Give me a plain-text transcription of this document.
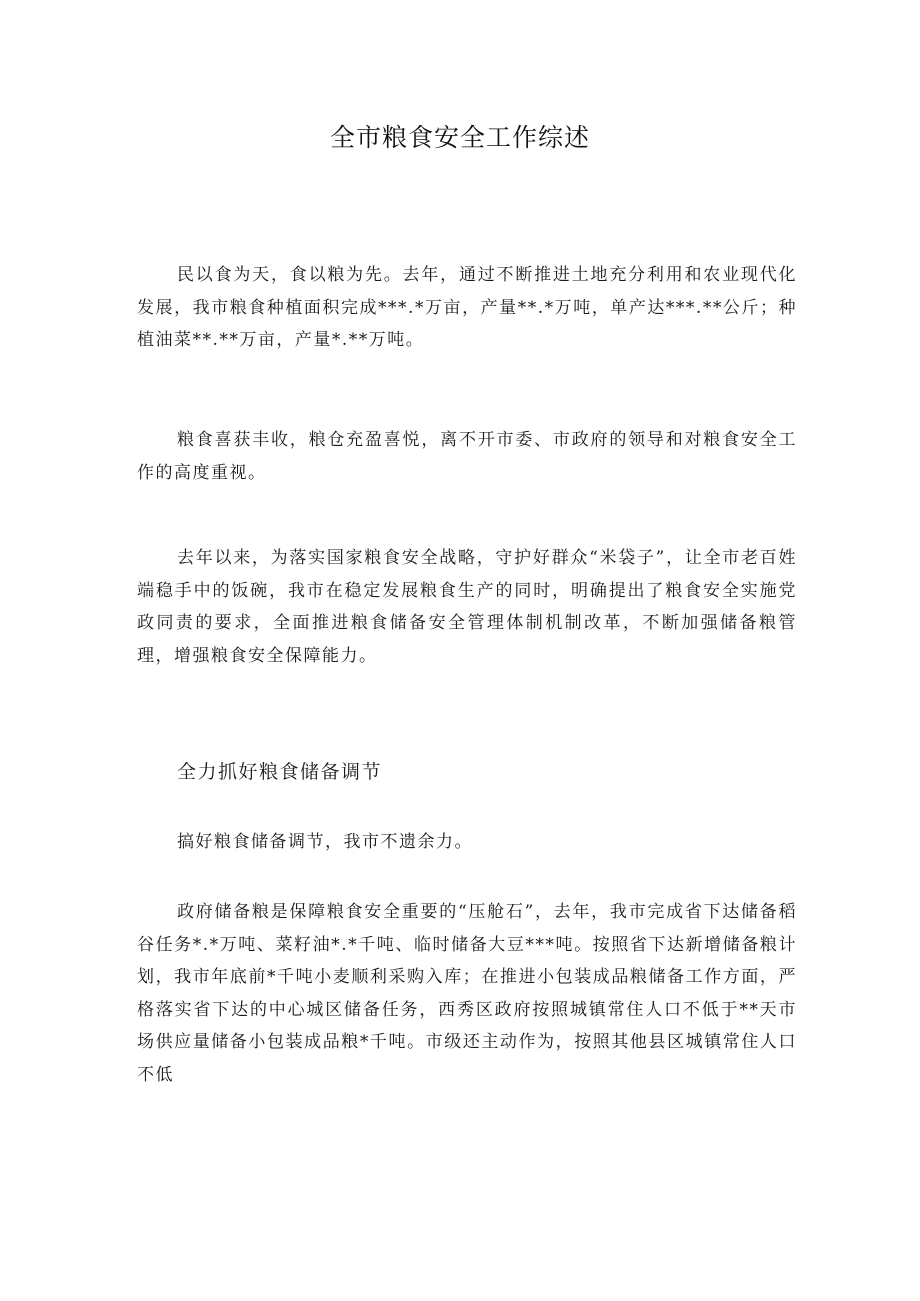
全市粮食安全工作综述

民以食为天，食以粮为先。去年，通过不断推进土地充分利用和农业现代化发展，我市粮食种植面积完成***.*万亩，产量**.*万吨，单产达***.**公斤；种植油菜**.**万亩，产量*.**万吨。

粮食喜获丰收，粮仓充盈喜悦，离不开市委、市政府的领导和对粮食安全工作的高度重视。

去年以来，为落实国家粮食安全战略，守护好群众“米袋子”，让全市老百姓端稳手中的饭碗，我市在稳定发展粮食生产的同时，明确提出了粮食安全实施党政同责的要求，全面推进粮食储备安全管理体制机制改革，不断加强储备粮管理，增强粮食安全保障能力。

全力抓好粮食储备调节

搞好粮食储备调节，我市不遗余力。

政府储备粮是保障粮食安全重要的“压舱石”，去年，我市完成省下达储备稻谷任务*.*万吨、菜籽油*.*千吨、临时储备大豆***吨。按照省下达新增储备粮计划，我市年底前*千吨小麦顺利采购入库；在推进小包装成品粮储备工作方面，严格落实省下达的中心城区储备任务，西秀区政府按照城镇常住人口不低于**天市场供应量储备小包装成品粮*千吨。市级还主动作为，按照其他县区城镇常住人口不低
